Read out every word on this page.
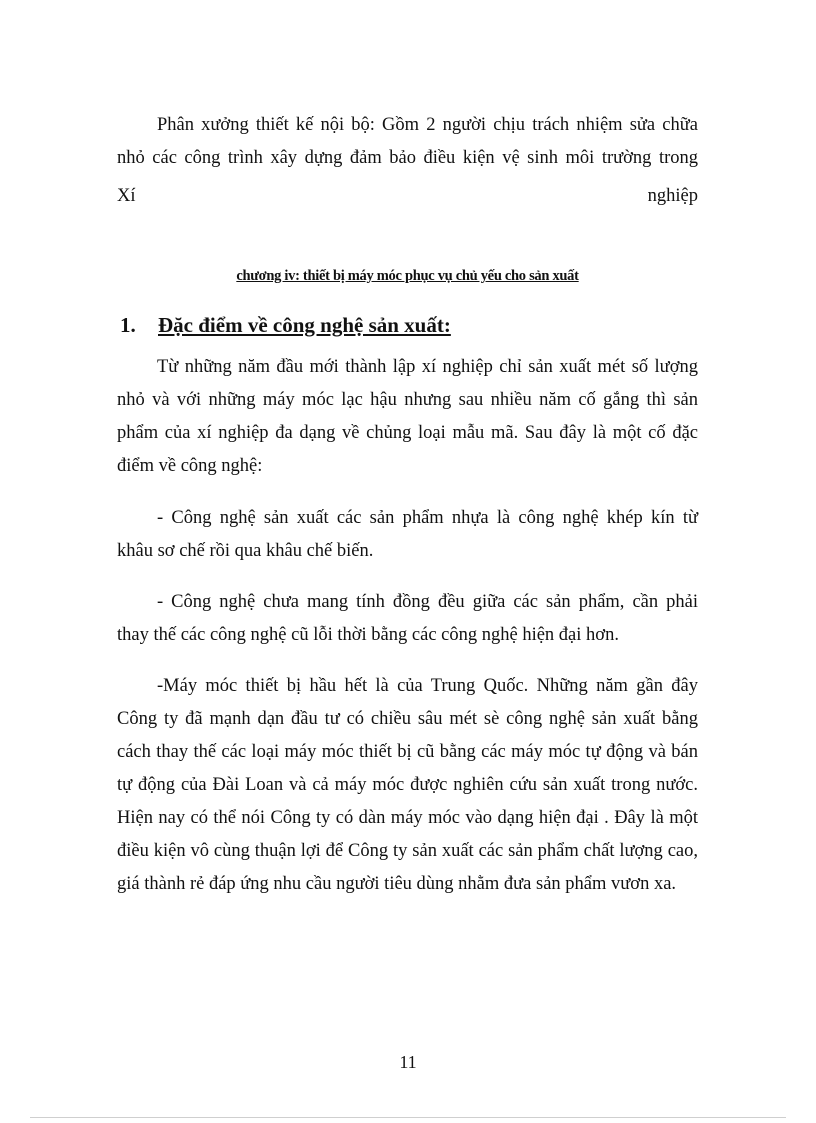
Phân xưởng thiết kế nội bộ: Gồm 2 người chịu trách nhiệm sửa chữa
nhỏ các công trình xây dựng đảm bảo điều kiện vệ sinh môi trường trong
Xí nghiệp
chương iv: thiết bị máy móc phục vụ chủ yếu cho sản xuất
1. Đặc điểm về công nghệ sản xuất:
Từ những năm đầu mới thành lập xí nghiệp chỉ sản xuất mét số lượng
nhỏ và với những máy móc lạc hậu nhưng sau nhiều năm cố gắng thì sản
phẩm của xí nghiệp đa dạng về chủng loại mẫu mã. Sau đây là một cố đặc
điểm về công nghệ:
- Công nghệ sản xuất các sản phẩm nhựa là công nghệ khép kín từ
khâu sơ chế rồi qua khâu chế biến.
- Công nghệ chưa mang tính đồng đều giữa các sản phẩm, cần phải
thay thế các công nghệ cũ lỗi thời bằng các công nghệ hiện đại hơn.
-Máy móc thiết bị hầu hết là của Trung Quốc. Những năm gần đây
Công ty đã mạnh dạn đầu tư có chiều sâu mét sè công nghệ sản xuất bằng
cách thay thế các loại máy móc thiết bị cũ bằng các máy móc tự động và bán
tự động của Đài Loan và cả máy móc được nghiên cứu sản xuất trong nước.
Hiện nay có thể nói Công ty có dàn máy móc vào dạng hiện đại . Đây là một
điều kiện vô cùng thuận lợi để Công ty sản xuất các sản phẩm chất lượng cao,
giá thành rẻ đáp ứng nhu cầu người tiêu dùng nhằm đưa sản phẩm vươn xa.
11
